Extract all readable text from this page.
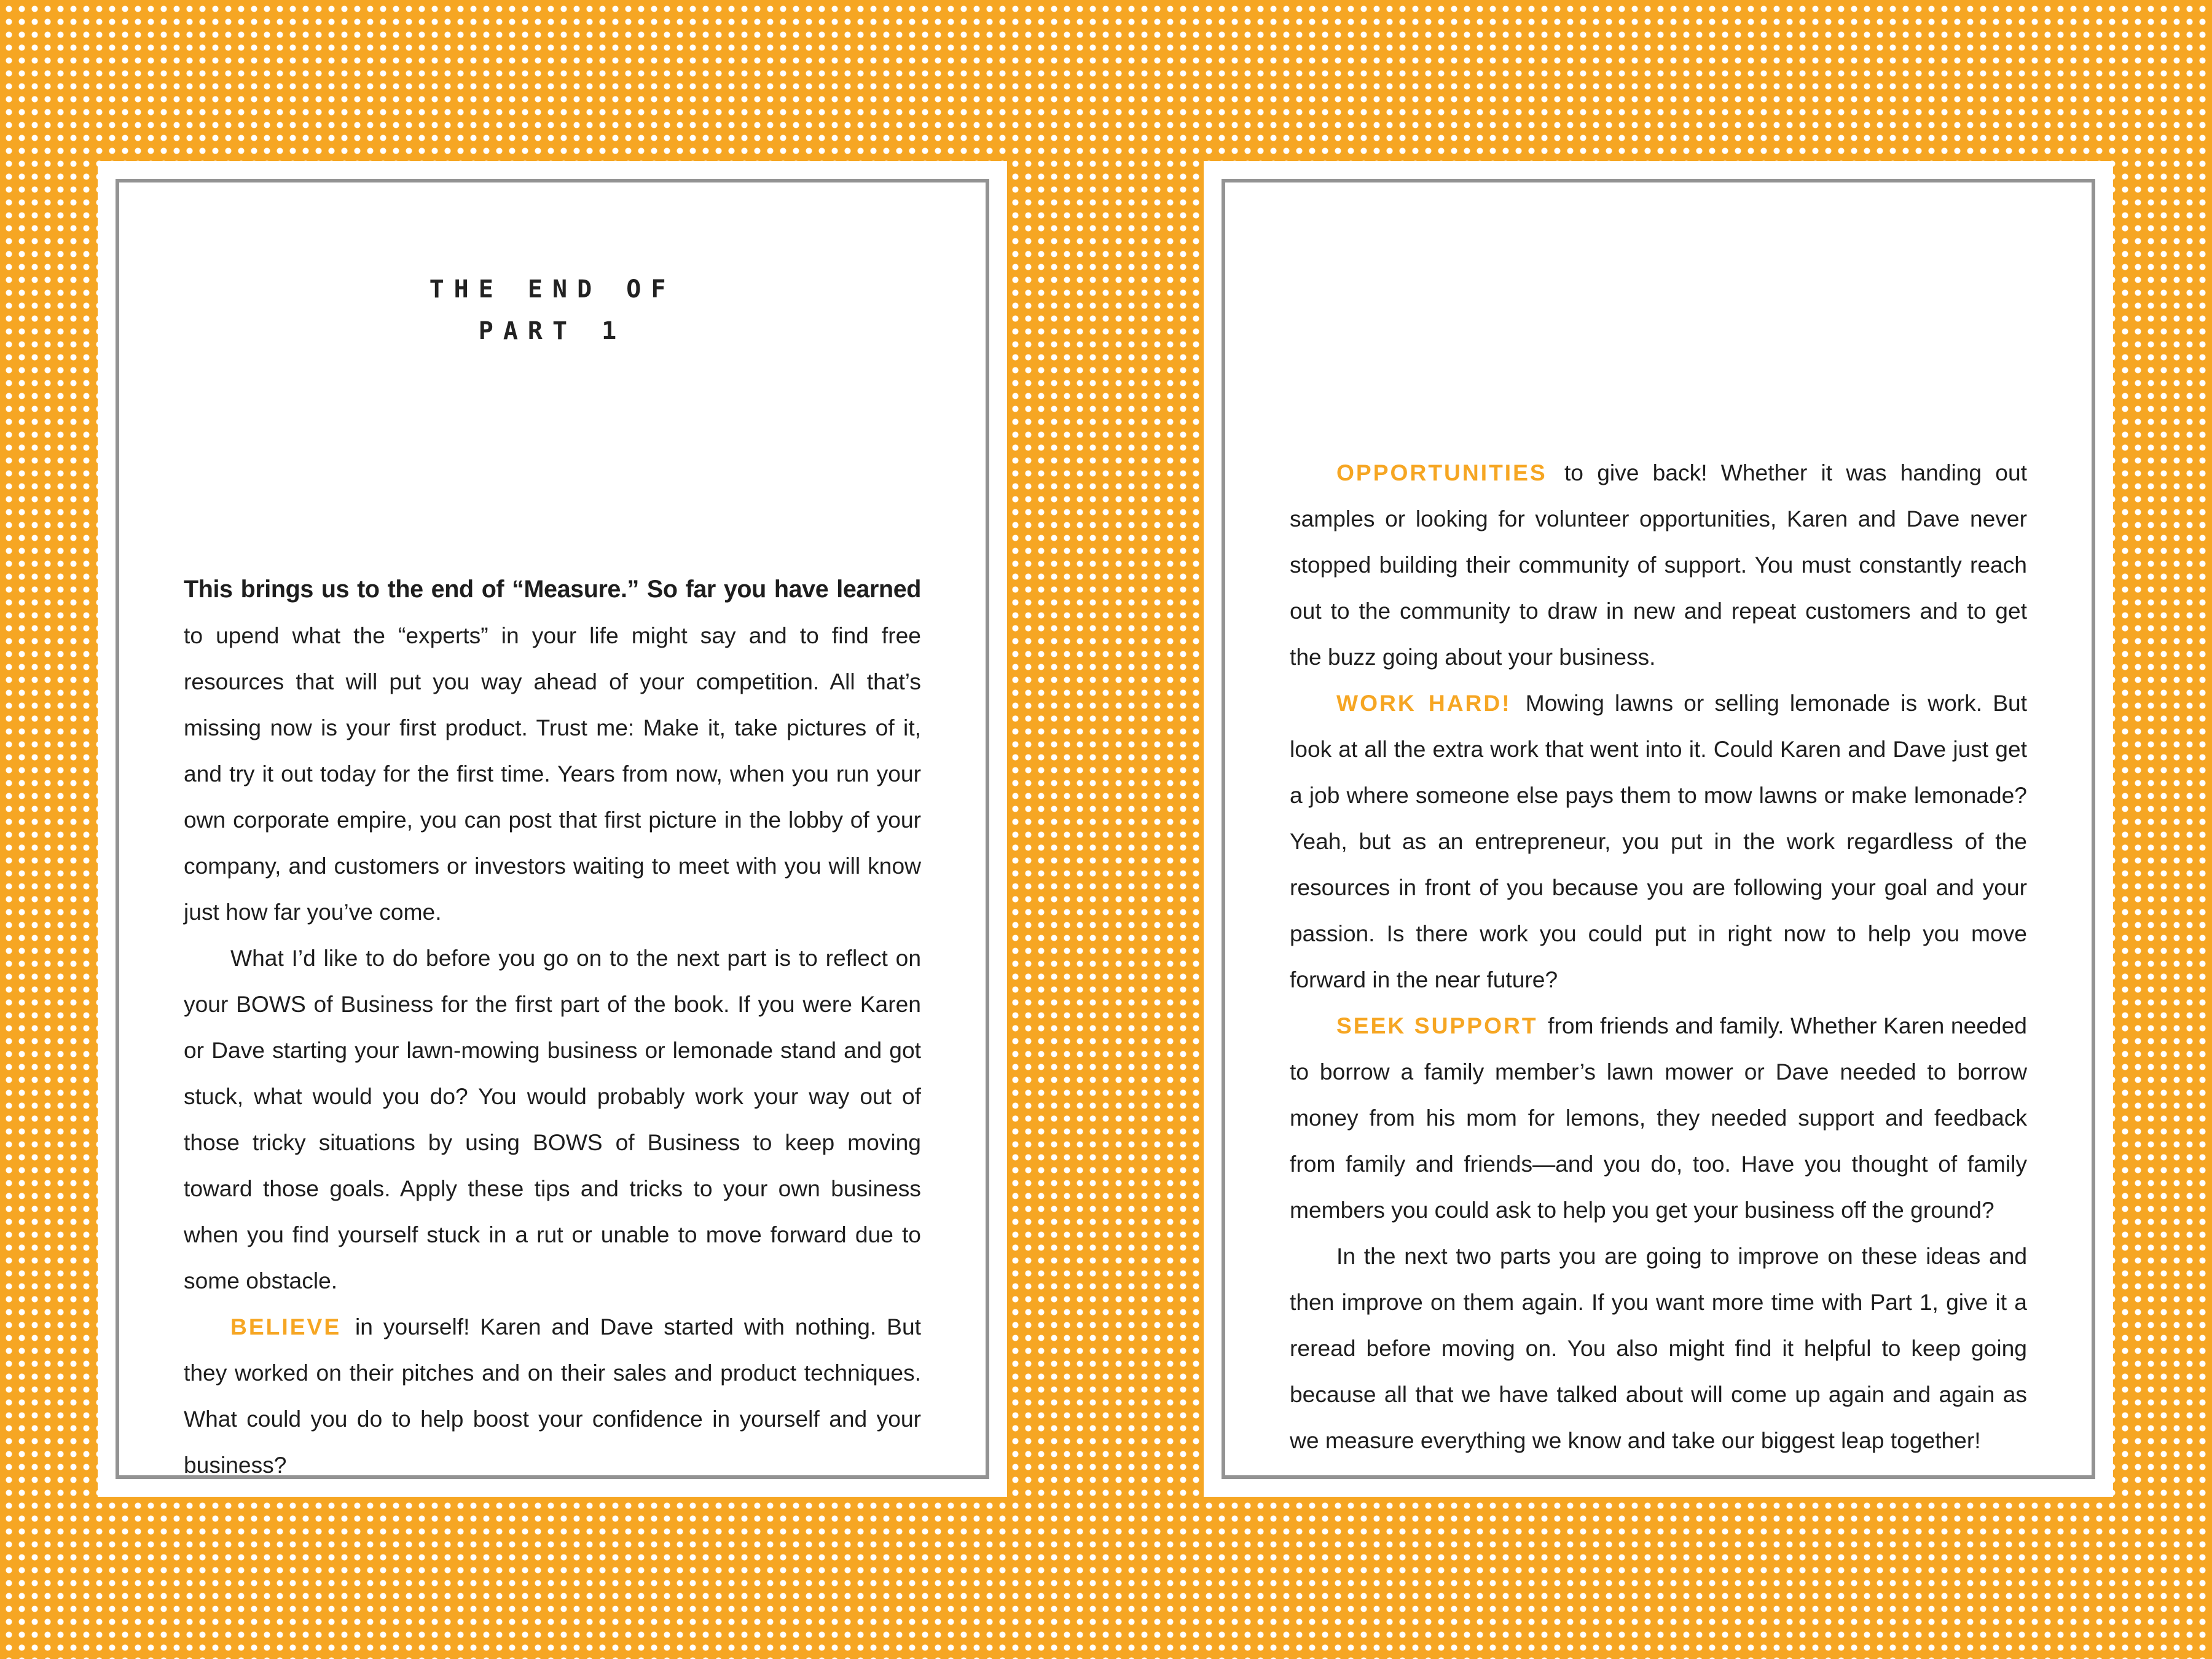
THE END OF
PART 1

This brings us to the end of “Measure.” So far you have learned to upend what the “experts” in your life might say and to find free resources that will put you way ahead of your competition. All that’s missing now is your first product. Trust me: Make it, take pictures of it, and try it out today for the first time. Years from now, when you run your own corporate empire, you can post that first picture in the lobby of your company, and customers or investors waiting to meet with you will know just how far you’ve come.

What I’d like to do before you go on to the next part is to reflect on your BOWS of Business for the first part of the book. If you were Karen or Dave starting your lawn-mowing business or lemonade stand and got stuck, what would you do? You would probably work your way out of those tricky situations by using BOWS of Business to keep moving toward those goals. Apply these tips and tricks to your own business when you find yourself stuck in a rut or unable to move forward due to some obstacle.

BELIEVE in yourself! Karen and Dave started with nothing. But they worked on their pitches and on their sales and product techniques. What could you do to help boost your confidence in yourself and your business?

OPPORTUNITIES to give back! Whether it was handing out samples or looking for volunteer opportunities, Karen and Dave never stopped building their community of support. You must constantly reach out to the community to draw in new and repeat customers and to get the buzz going about your business.

WORK HARD! Mowing lawns or selling lemonade is work. But look at all the extra work that went into it. Could Karen and Dave just get a job where someone else pays them to mow lawns or make lemonade? Yeah, but as an entrepreneur, you put in the work regardless of the resources in front of you because you are following your goal and your passion. Is there work you could put in right now to help you move forward in the near future?

SEEK SUPPORT from friends and family. Whether Karen needed to borrow a family member’s lawn mower or Dave needed to borrow money from his mom for lemons, they needed support and feedback from family and friends—and you do, too. Have you thought of family members you could ask to help you get your business off the ground?

In the next two parts you are going to improve on these ideas and then improve on them again. If you want more time with Part 1, give it a reread before moving on. You also might find it helpful to keep going because all that we have talked about will come up again and again as we measure everything we know and take our biggest leap together!
